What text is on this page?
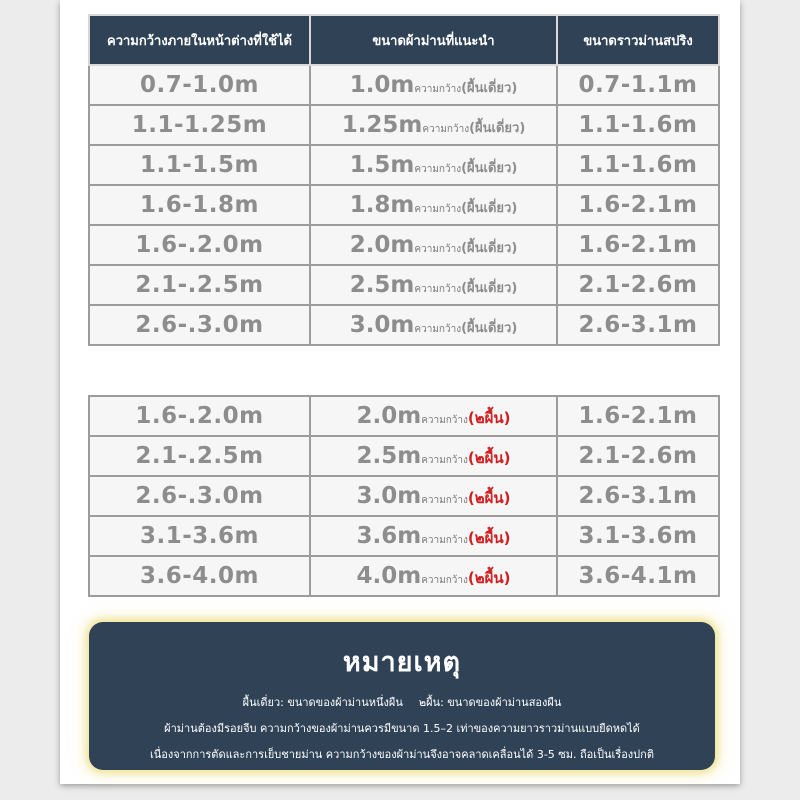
ความกว้างภายในหน้าต่างที่ใช้ได้	ขนาดผ้าม่านที่แนะนำ	ขนาดราวม่านสปริง
0.7-1.0m	1.0mความกว้าง(ผื้นเดี่ยว)	0.7-1.1m
1.1-1.25m	1.25mความกว้าง(ผื้นเดี่ยว)	1.1-1.6m
1.1-1.5m	1.5mความกว้าง(ผื้นเดี่ยว)	1.1-1.6m
1.6-1.8m	1.8mความกว้าง(ผื้นเดี่ยว)	1.6-2.1m
1.6-.2.0m	2.0mความกว้าง(ผื้นเดี่ยว)	1.6-2.1m
2.1-.2.5m	2.5mความกว้าง(ผื้นเดี่ยว)	2.1-2.6m
2.6-.3.0m	3.0mความกว้าง(ผื้นเดี่ยว)	2.6-3.1m
1.6-.2.0m	2.0mความกว้าง(๒ผื้น)	1.6-2.1m
2.1-.2.5m	2.5mความกว้าง(๒ผื้น)	2.1-2.6m
2.6-.3.0m	3.0mความกว้าง(๒ผื้น)	2.6-3.1m
3.1-3.6m	3.6mความกว้าง(๒ผื้น)	3.1-3.6m
3.6-4.0m	4.0mความกว้าง(๒ผื้น)	3.6-4.1m
หมายเหตุ
ผื้นเดี่ยว: ขนาดของผ้าม่านหนึ่งผืน ๒ผื้น: ขนาดของผ้าม่านสองผืน
ผ้าม่านต้องมีรอยจีบ ความกว้างของผ้าม่านควรมีขนาด 1.5–2 เท่าของความยาวราวม่านแบบยืดหดได้
เนื่องจากการตัดและการเย็บชายม่าน ความกว้างของผ้าม่านจึงอาจคลาดเคลื่อนได้ 3-5 ซม. ถือเป็นเรื่องปกติ
